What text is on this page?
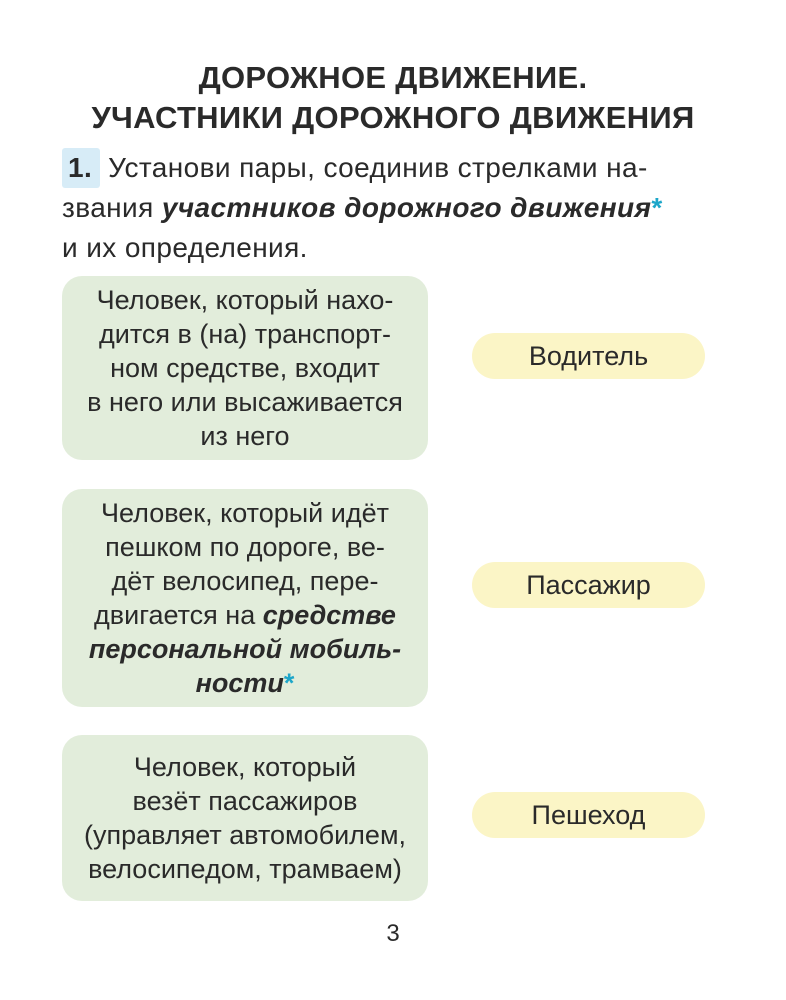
ДОРОЖНОЕ ДВИЖЕНИЕ.
УЧАСТНИКИ ДОРОЖНОГО ДВИЖЕНИЯ
1. Установи пары, соединив стрелками на-
звания участников дорожного движения*
и их определения.
Человек, который нахо-
дится в (на) транспорт-
ном средстве, входит
в него или высаживается
из него
Человек, который идёт
пешком по дороге, ве-
дёт велосипед, пере-
двигается на средстве
персональной мобиль-
ности*
Человек, который
везёт пассажиров
(управляет автомобилем,
велосипедом, трамваем)
Водитель
Пассажир
Пешеход
3
